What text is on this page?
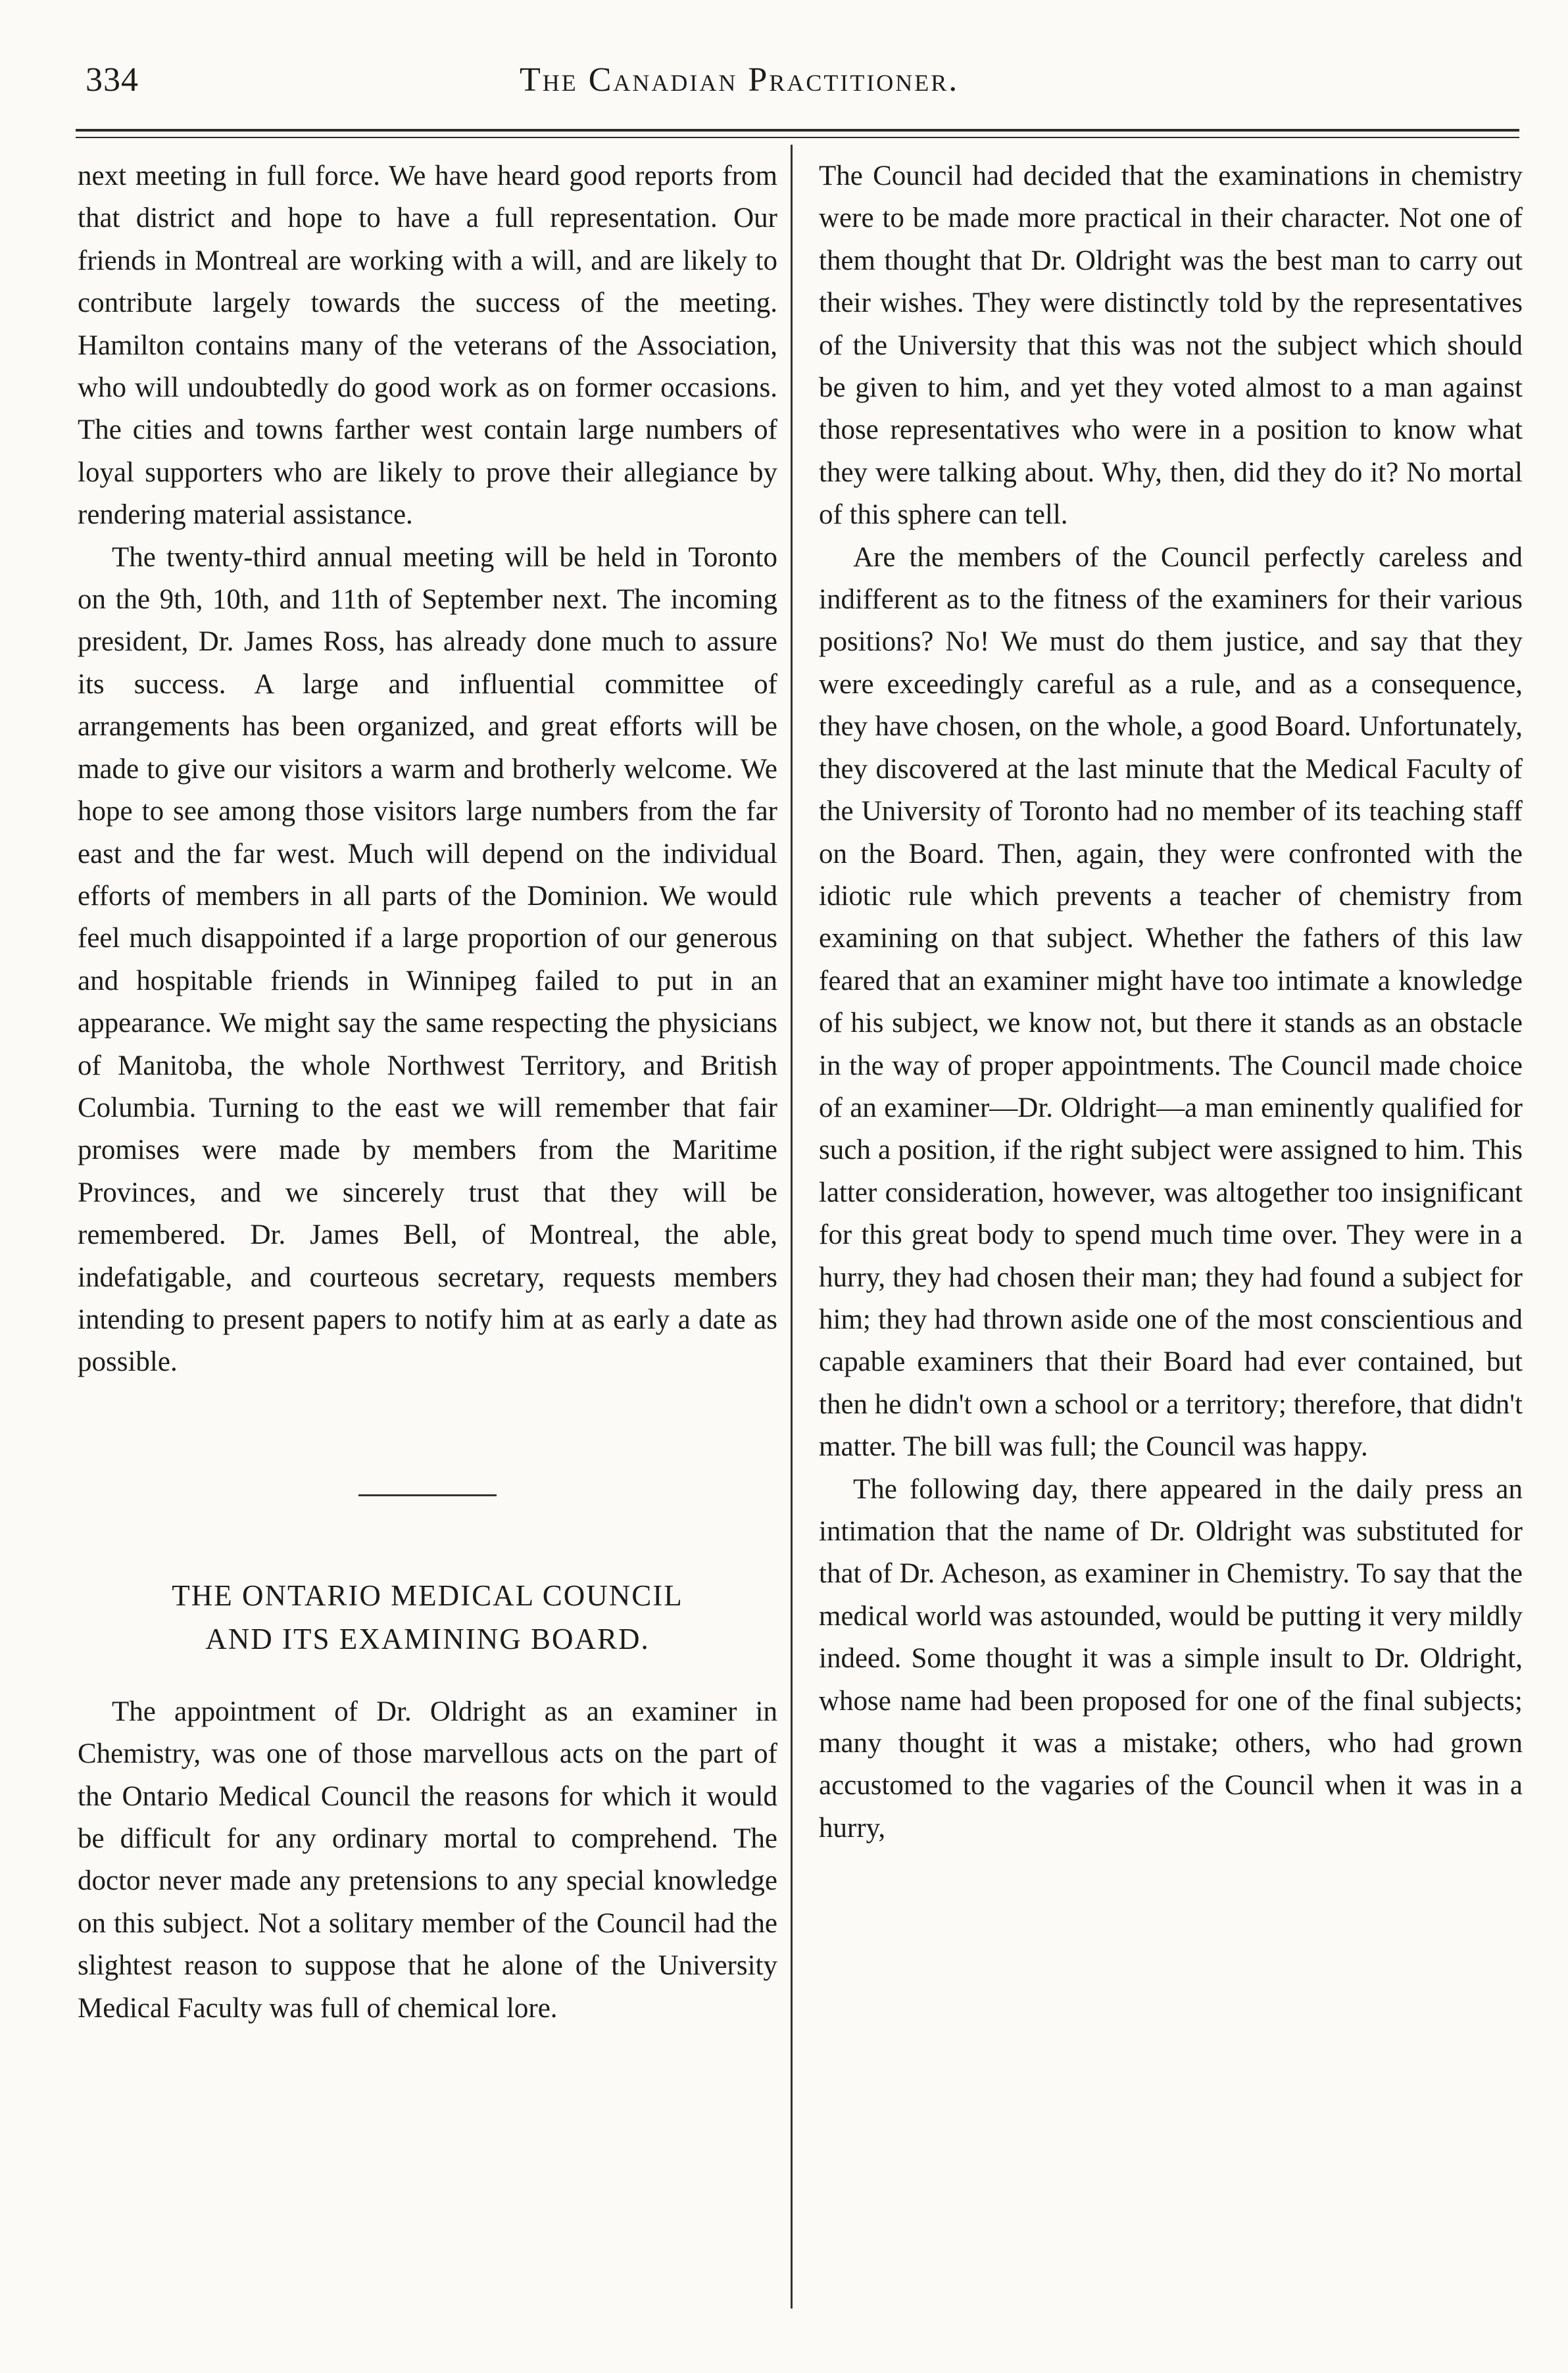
334	The Canadian Practitioner.

next meeting in full force. We have heard good reports from that district and hope to have a full representation. Our friends in Montreal are working with a will, and are likely to contribute largely towards the success of the meeting. Hamilton contains many of the veterans of the Association, who will undoubtedly do good work as on former occasions. The cities and towns farther west contain large numbers of loyal supporters who are likely to prove their allegiance by rendering material assistance.

The twenty-third annual meeting will be held in Toronto on the 9th, 10th, and 11th of September next. The incoming president, Dr. James Ross, has already done much to assure its success. A large and influential committee of arrangements has been organized, and great efforts will be made to give our visitors a warm and brotherly welcome. We hope to see among those visitors large numbers from the far east and the far west. Much will depend on the individual efforts of members in all parts of the Dominion. We would feel much disappointed if a large proportion of our generous and hospitable friends in Winnipeg failed to put in an appearance. We might say the same respecting the physicians of Manitoba, the whole Northwest Territory, and British Columbia. Turning to the east we will remember that fair promises were made by members from the Maritime Provinces, and we sincerely trust that they will be remembered. Dr. James Bell, of Montreal, the able, indefatigable, and courteous secretary, requests members intending to present papers to notify him at as early a date as possible.

THE ONTARIO MEDICAL COUNCIL
AND ITS EXAMINING BOARD.

The appointment of Dr. Oldright as an examiner in Chemistry, was one of those marvellous acts on the part of the Ontario Medical Council the reasons for which it would be difficult for any ordinary mortal to comprehend. The doctor never made any pretensions to any special knowledge on this subject. Not a solitary member of the Council had the slightest reason to suppose that he alone of the University Medical Faculty was full of chemical lore.

The Council had decided that the examinations in chemistry were to be made more practical in their character. Not one of them thought that Dr. Oldright was the best man to carry out their wishes. They were distinctly told by the representatives of the University that this was not the subject which should be given to him, and yet they voted almost to a man against those representatives who were in a position to know what they were talking about. Why, then, did they do it? No mortal of this sphere can tell.

Are the members of the Council perfectly careless and indifferent as to the fitness of the examiners for their various positions? No! We must do them justice, and say that they were exceedingly careful as a rule, and as a consequence, they have chosen, on the whole, a good Board. Unfortunately, they discovered at the last minute that the Medical Faculty of the University of Toronto had no member of its teaching staff on the Board. Then, again, they were confronted with the idiotic rule which prevents a teacher of chemistry from examining on that subject. Whether the fathers of this law feared that an examiner might have too intimate a knowledge of his subject, we know not, but there it stands as an obstacle in the way of proper appointments. The Council made choice of an examiner—Dr. Oldright—a man eminently qualified for such a position, if the right subject were assigned to him. This latter consideration, however, was altogether too insignificant for this great body to spend much time over. They were in a hurry, they had chosen their man; they had found a subject for him; they had thrown aside one of the most conscientious and capable examiners that their Board had ever contained, but then he didn't own a school or a territory; therefore, that didn't matter. The bill was full; the Council was happy.

The following day, there appeared in the daily press an intimation that the name of Dr. Oldright was substituted for that of Dr. Acheson, as examiner in Chemistry. To say that the medical world was astounded, would be putting it very mildly indeed. Some thought it was a simple insult to Dr. Oldright, whose name had been proposed for one of the final subjects; many thought it was a mistake; others, who had grown accustomed to the vagaries of the Council when it was in a hurry,
